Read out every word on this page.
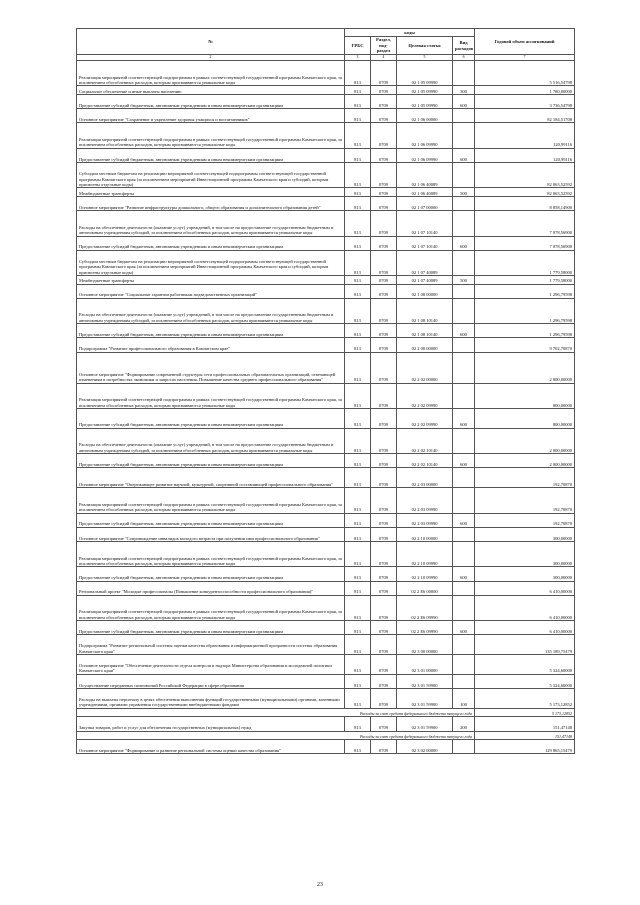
№	коды				Годовой объем ассигнований
	ГРБС	Раздел, под-раздел	Целевая статья	Вид расходов	
2	3	4	5	6	7
Реализация мероприятий соответствующей подпрограммы в рамках соответствующей государственной программы Камчатского края, за исключением обособленных расходов, которым присваиваются уникальные коды	813	0709	02 1 05 09990		5 516,54798
Социальное обеспечение и иные выплаты населению	813	0709	02 1 05 09990	300	1 780,00000
Предоставление субсидий бюджетным, автономным учреждениям и иным некоммерческим организациям	813	0709	02 1 05 09990	600	3 736,54798
Основное мероприятие "Сохранение и укрепление здоровья учащихся и воспитанников"	813	0709	02 1 06 00000		82 184,51708
Реализация мероприятий соответствующей подпрограммы в рамках соответствующей государственной программы Камчатского края, за исключением обособленных расходов, которым присваиваются уникальные коды	813	0709	02 1 06 09990		120,99116
Предоставление субсидий бюджетным, автономным учреждениям и иным некоммерческим организациям	813	0709	02 1 06 09990	600	120,99116
Субсидии местным бюджетам на реализацию мероприятий соответствующей подпрограммы соответствующей государственной программы Камчатского края (за исключением мероприятий Инвестиционной программы Камчатского края и субсидий, которым присвоены отдельные коды)	813	0709	02 1 06 40089		82 063,52592
Межбюджетные трансферты	813	0709	02 1 06 40089	500	82 063,52592
Основное мероприятие "Развитие инфраструктуры дошкольного, общего образования и дополнительного образования детей"	813	0709	02 1 07 00000		8 858,14900
Расходы на обеспечение деятельности (оказание услуг) учреждений, в том числе на предоставление государственным бюджетным и автономным учреждениям субсидий, за исключением обособленных расходов, которым присваиваются уникальные коды	813	0709	02 1 07 10140		7 078,56900
Предоставление субсидий бюджетным, автономным учреждениям и иным некоммерческим организациям	813	0709	02 1 07 10140	600	7 078,56900
Субсидии местным бюджетам на реализацию мероприятий соответствующей подпрограммы соответствующей государственной программы Камчатского края (за исключением мероприятий Инвестиционной программы Камчатского края и субсидий, которым присвоены отдельные коды)	813	0709	02 1 07 40089		1 779,58000
Межбюджетные трансферты	813	0709	02 1 07 40089	500	1 779,58000
Основное мероприятие "Социальные гарантии работникам подведомственных организаций"	813	0709	02 1 08 00000		1 296,79598
Расходы на обеспечение деятельности (оказание услуг) учреждений, в том числе на предоставление государственным бюджетным и автономным учреждениям субсидий, за исключением обособленных расходов, которым присваиваются уникальные коды	813	0709	02 1 08 10140		1 296,79598
Предоставление субсидий бюджетным, автономным учреждениям и иным некоммерческим организациям	813	0709	02 1 08 10140	600	1 296,79598
Подпрограмма "Развитие профессионального образования в Камчатском крае"	813	0709	02 2 00 00000		9 702,70870
Основное мероприятие "Формирование современной структуры сети профессиональных образовательных организаций, отвечающей изменениям в потребностях экономики и запросах населения. Повышение качества среднего профессионального образования"	813	0709	02 2 02 00000		2 800,00000
Реализация мероприятий соответствующей подпрограммы в рамках соответствующей государственной программы Камчатского края, за исключением обособленных расходов, которым присваиваются уникальные коды	813	0709	02 2 02 09990		800,00000
Предоставление субсидий бюджетным, автономным учреждениям и иным некоммерческим организациям	813	0709	02 2 02 09990	600	800,00000
Расходы на обеспечение деятельности (оказание услуг) учреждений, в том числе на предоставление государственным бюджетным и автономным учреждениям субсидий, за исключением обособленных расходов, которым присваиваются уникальные коды	813	0709	02 2 02 10140		2 000,00000
Предоставление субсидий бюджетным, автономным учреждениям и иным некоммерческим организациям	813	0709	02 2 02 10140	600	2 000,00000
Основное мероприятие "Опережающее развитие научной, культурной, спортивной составляющей профессионального образования"	813	0709	02 2 03 00000		192,70870
Реализация мероприятий соответствующей подпрограммы в рамках соответствующей государственной программы Камчатского края, за исключением обособленных расходов, которым присваиваются уникальные коды	813	0709	02 2 03 09990		192,70870
Предоставление субсидий бюджетным, автономным учреждениям и иным некоммерческим организациям	813	0709	02 2 03 09990	600	192,70870
Основное мероприятие "Сопровождение инвалидов молодого возраста при получении ими профессионального образования"	813	0709	02 2 10 00000		300,00000
Реализация мероприятий соответствующей подпрограммы в рамках соответствующей государственной программы Камчатского края, за исключением обособленных расходов, которым присваиваются уникальные коды	813	0709	02 2 10 09990		300,00000
Предоставление субсидий бюджетным, автономным учреждениям и иным некоммерческим организациям	813	0709	02 2 10 09990	600	300,00000
Региональный проект "Молодые профессионалы (Повышение конкурентоспособности профессионального образования)"	813	0709	02 2 E6 00000		6 410,00000
Реализация мероприятий соответствующей подпрограммы в рамках соответствующей государственной программы Камчатского края, за исключением обособленных расходов, которым присваиваются уникальные коды	813	0709	02 2 E6 09990		6 410,00000
Предоставление субсидий бюджетным, автономным учреждениям и иным некоммерческим организациям	813	0709	02 2 E6 09990	600	6 410,00000
Подпрограмма "Развитие региональной системы оценки качества образования и информационной прозрачности системы образования Камчатского края"	813	0709	02 3 00 00000		135 189,75479
Основное мероприятие "Обеспечение деятельности отдела контроля и надзора Министерства образования и молодежной политики Камчатского края"	813	0709	02 3 01 00000		5 324,60000
Осуществление переданных полномочий Российской Федерации в сфере образования	813	0709	02 3 01 59900		5 324,60000
Расходы на выплаты персоналу в целях обеспечения выполнения функций государственными (муниципальными) органами, казенными учреждениями, органами управления государственными внебюджетными фондами	813	0709	02 3 01 59900	100	5 173,12852
Расходы за счет средств федерального бюджета текущего года					5 173,12852
Закупка товаров, работ и услуг для обеспечения государственных (муниципальных) нужд	813	0709	02 3 01 59900	200	151,47148
Расходы за счет средств федерального бюджета текущего года					151,47148
Основное мероприятие "Формирование и развитие региональной системы оценки качества образования"	813	0709	02 3 02 00000		129 865,15479
23
